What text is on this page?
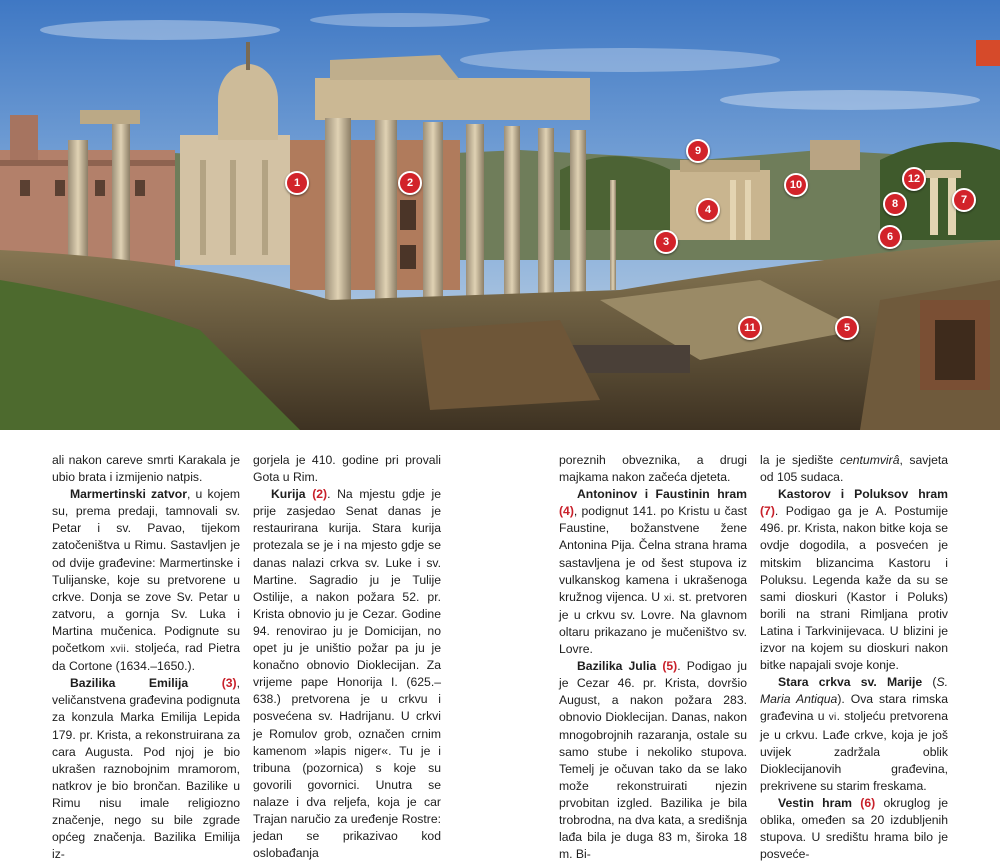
1	2
3
4
5
6
7
8
9
10
11
12

ali nakon careve smrti Karakala je ubio brata i izmijenio natpis.

Marmertinski zatvor, u kojem su, prema predaji, tamnovali sv. Petar i sv. Pavao, tijekom zatočeništva u Rimu. Sastavljen je od dvije građevine: Marmertinske i Tulijanske, koje su pretvorene u crkve. Donja se zove Sv. Petar u zatvoru, a gornja Sv. Luka i Martina mučenica. Podignute su početkom xvii. stoljeća, rad Pietra da Cortone (1634.–1650.).

Bazilika Emilija	(3), veličanstvena građevina podignuta za konzula Marka Emilija Lepida 179. pr. Krista, a rekonstruirana za cara Augusta. Pod njoj je bio ukrašen raznobojnim mramorom, natkrov je bio brončan. Bazilike u Rimu nisu imale religiozno značenje, nego su bile zgrade općeg značenja. Bazilika Emilija iz-

gorjela je 410. godine pri provali Gota u Rim.

Kurija (2). Na mjestu gdje je prije zasjedao Senat danas je restaurirana kurija. Stara kurija protezala se je i na mjesto gdje se danas nalazi crkva sv. Luke i sv. Martine. Sagradio ju je Tulije Ostilije, a nakon požara 52. pr. Krista obnovio ju je Cezar. Godine 94. renovirao ju je Domicijan, no opet ju je uništio požar pa ju je konačno obnovio Dioklecijan. Za vrijeme pape Honorija I. (625.–638.) pretvorena je u crkvu i posvećena sv. Hadrijanu. U crkvi je Romulov grob, označen crnim kamenom »lapis niger«. Tu je i tribuna (pozornica) s koje su govorili govornici. Unutra se nalaze i dva reljefa, koja je car Trajan naručio za uređenje Rostre: jedan se prikazivao kod oslobađanja

poreznih obveznika, a drugi majkama nakon začeća djeteta.

Antoninov i Faustinin hram (4), podignut 141. po Kristu u čast Faustine, božanstvene žene Antonina Pija. Čelna strana hrama sastavljena je od šest stupova iz vulkanskog kamena i ukrašenoga kružnog vijenca. U xi. st. pretvoren je u crkvu sv. Lovre. Na glavnom oltaru prikazano je mučeništvo sv. Lovre.

Bazilika Julia (5). Podigao ju je Cezar 46. pr. Krista, dovršio August, a nakon požara 283. obnovio Dioklecijan. Danas, nakon mnogobrojnih razaranja, ostale su samo stube i nekoliko stupova. Temelj je očuvan tako da se lako može rekonstruirati njezin prvobitan izgled. Bazilika je bila trobrodna, na dva kata, a središnja lađa bila je duga 83 m, široka 18 m. Bi-

la je sjedište centumvirâ, savjeta od 105 sudaca.

Kastorov i Poluksov hram (7). Podigao ga je A. Postumije 496. pr. Krista, nakon bitke koja se ovdje dogodila, a posvećen je mitskim blizancima Kastoru i Poluksu. Legenda kaže da su se sami dioskuri (Kastor i Poluks) borili na strani Rimljana protiv Latina i Tarkvinijevaca. U blizini je izvor na kojem su dioskuri nakon bitke napajali svoje konje.

Stara crkva sv. Marije (S. Maria Antiqua). Ova stara rimska građevina u vi. stoljeću pretvorena je u crkvu. Lađe crkve, koja je još uvijek zadržala oblik Dioklecijanovih građevina, prekrivene su starim freskama.

Vestin hram (6) okruglog je oblika, omeđen sa 20 izdubljenih stupova. U središtu hrama bilo je posveće-
